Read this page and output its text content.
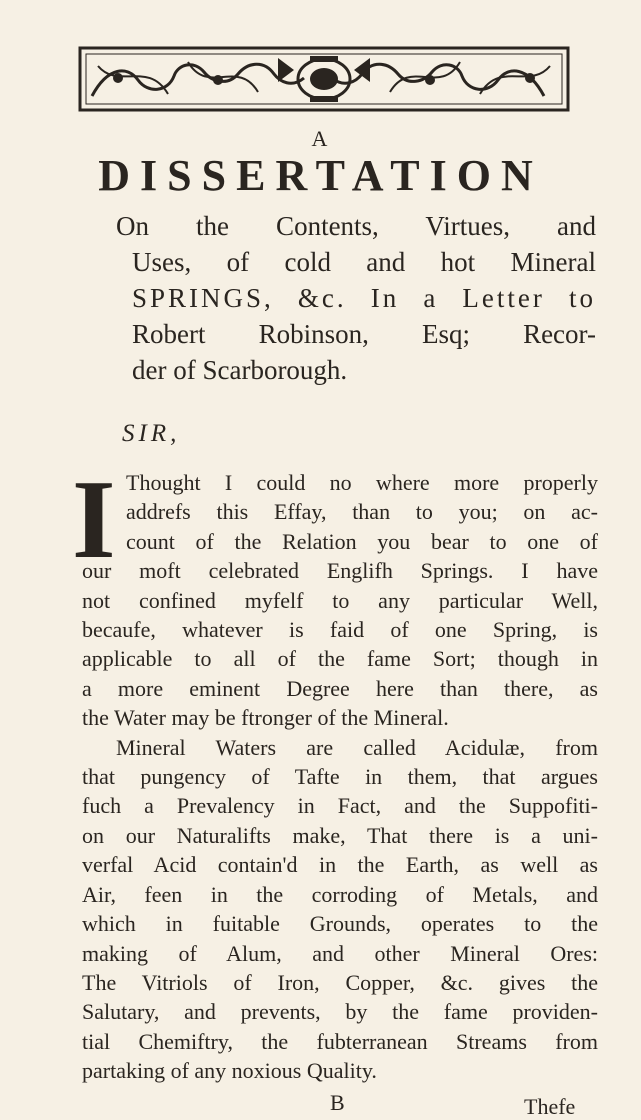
A
DISSERTATION
On the Contents, Virtues, and
Uses, of cold and hot Mineral
SPRINGS, &c. In a Letter to
Robert Robinson, Esq; Recor-
der of Scarborough.
SIR,
I Thought I could no where more properly
addrefs this Effay, than to you; on ac-
count of the Relation you bear to one of
our moft celebrated Englifh Springs. I have
not confined myfelf to any particular Well,
becaufe, whatever is faid of one Spring, is
applicable to all of the fame Sort; though in
a more eminent Degree here than there, as
the Water may be ftronger of the Mineral.
Mineral Waters are called Acidulæ, from
that pungency of Tafte in them, that argues
fuch a Prevalency in Fact, and the Suppofiti-
on our Naturalifts make, That there is a uni-
verfal Acid contain'd in the Earth, as well as
Air, feen in the corroding of Metals, and
which in fuitable Grounds, operates to the
making of Alum, and other Mineral Ores:
The Vitriols of Iron, Copper, &c. gives the
Salutary, and prevents, by the fame providen-
tial Chemiftry, the fubterranean Streams from
partaking of any noxious Quality.
B	Thefe
